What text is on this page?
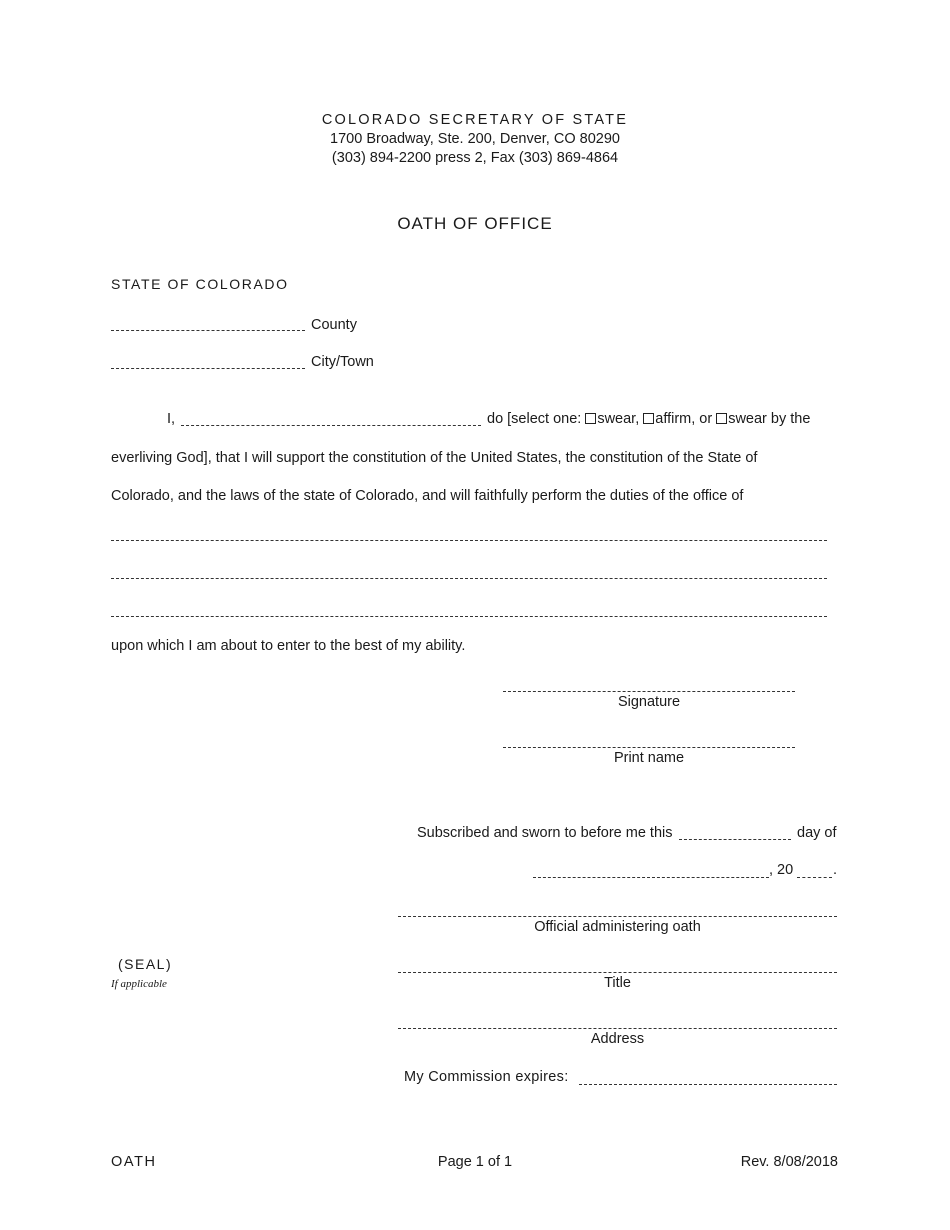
COLORADO SECRETARY OF STATE
1700 Broadway, Ste. 200, Denver, CO 80290
(303) 894-2200 press 2, Fax (303) 869-4864
OATH OF OFFICE
STATE OF COLORADO
County
City/Town
I,	do [select one: swear, affirm, or swear by the
everliving God], that I will support the constitution of the United States, the constitution of the State of
Colorado, and the laws of the state of Colorado, and will faithfully perform the duties of the office of
upon which I am about to enter to the best of my ability.
Signature
Print name
Subscribed and sworn to before me this	day of
, 20	.
Official administering oath
Title
Address
My Commission expires:
(SEAL)
If applicable
OATH	Page 1 of 1	Rev. 8/08/2018
